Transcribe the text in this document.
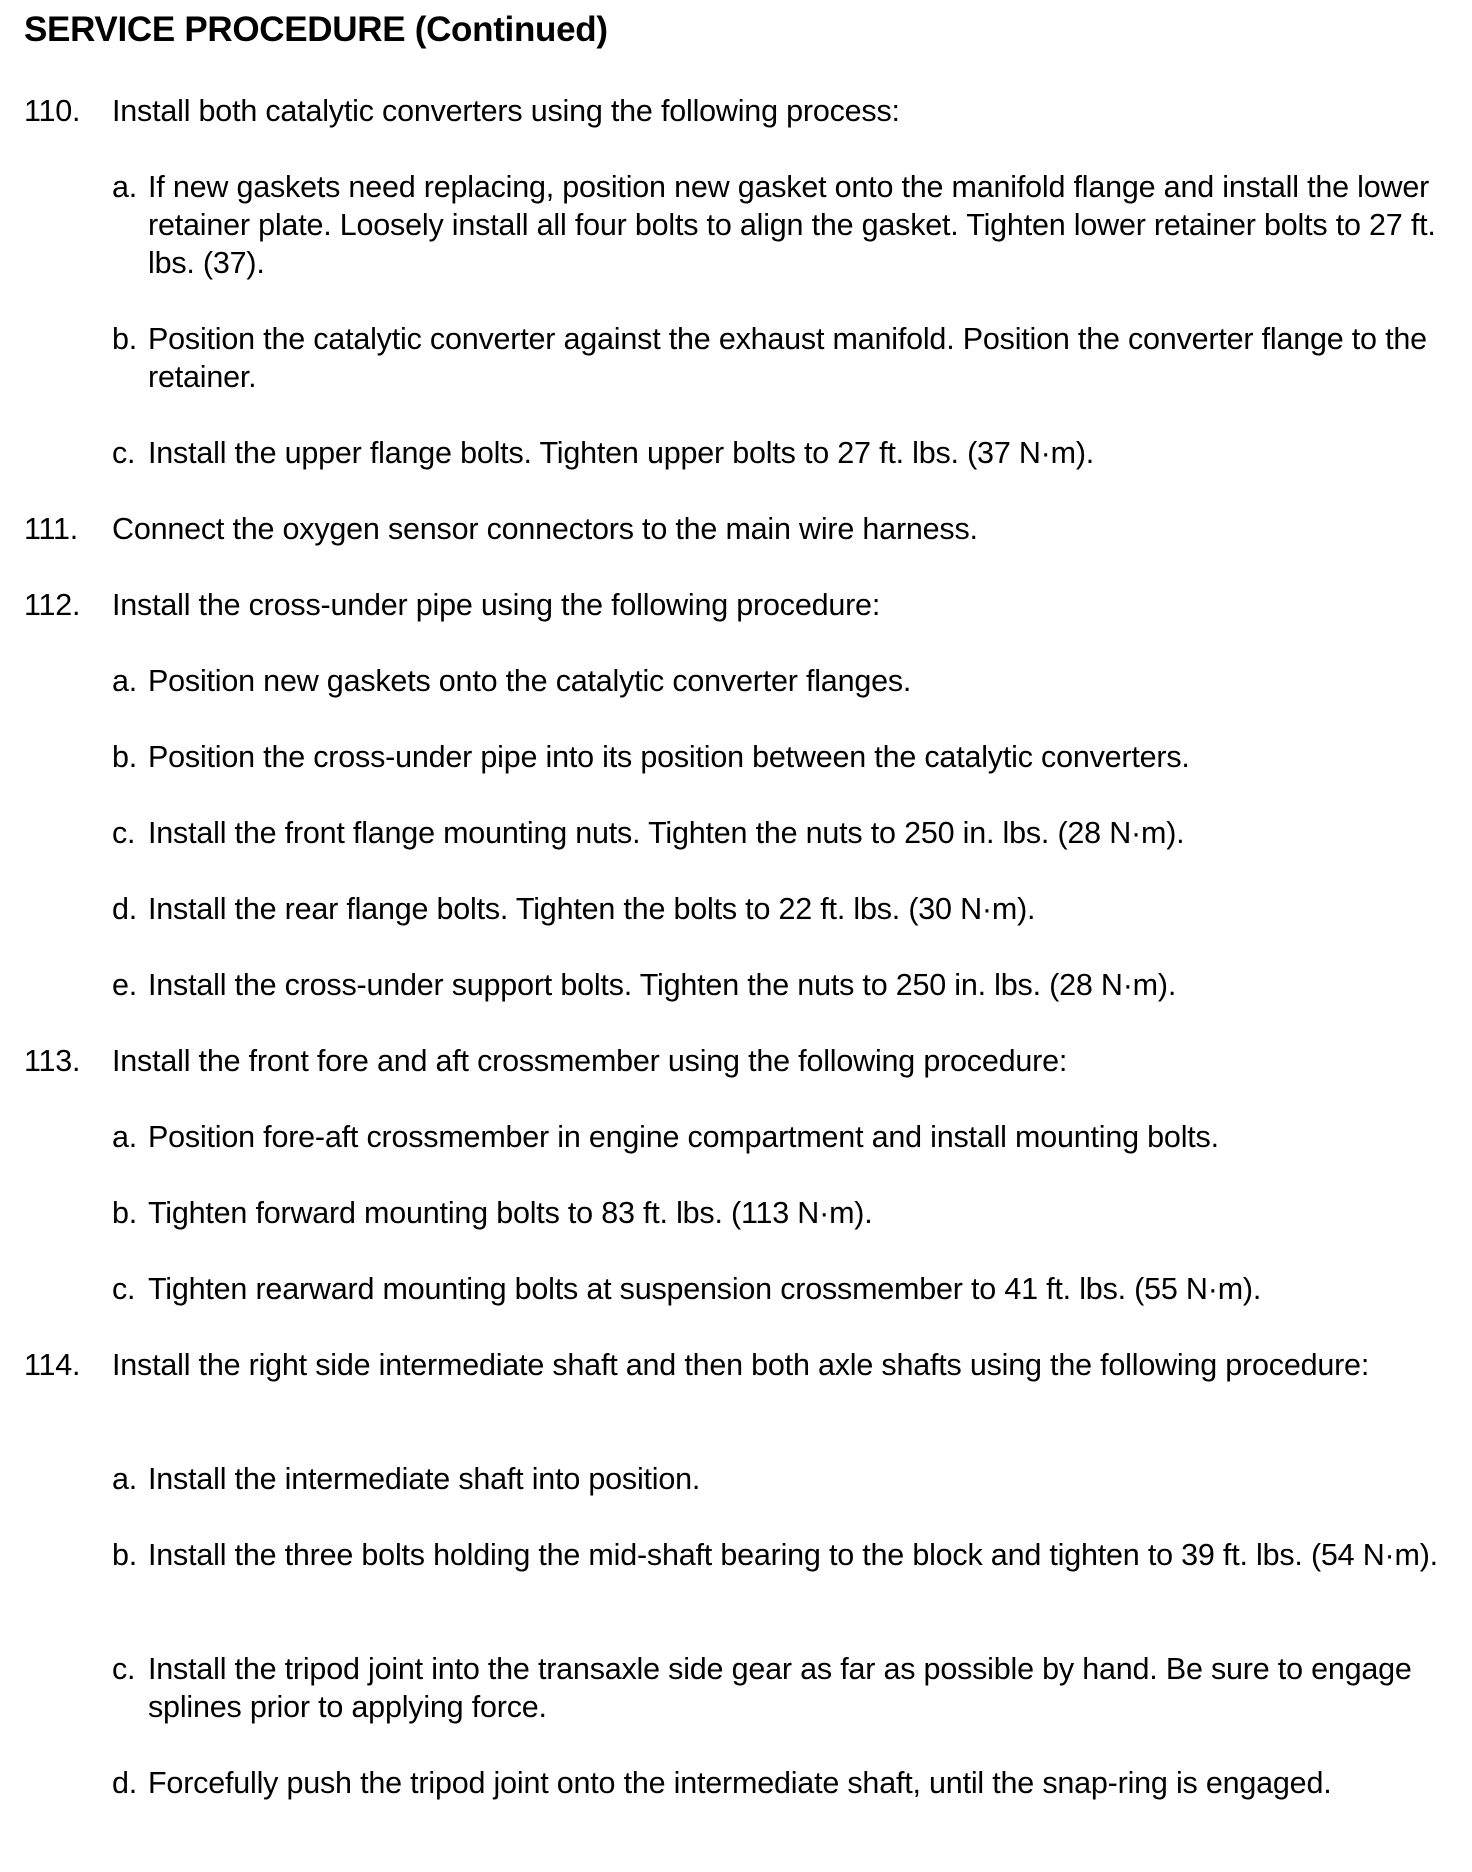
SERVICE PROCEDURE (Continued)
110. Install both catalytic converters using the following process:
a. If new gaskets need replacing, position new gasket onto the manifold flange and install the lower retainer plate. Loosely install all four bolts to align the gasket. Tighten lower retainer bolts to 27 ft. lbs. (37).
b. Position the catalytic converter against the exhaust manifold. Position the converter flange to the retainer.
c. Install the upper flange bolts. Tighten upper bolts to 27 ft. lbs. (37 N·m).
111. Connect the oxygen sensor connectors to the main wire harness.
112. Install the cross-under pipe using the following procedure:
a. Position new gaskets onto the catalytic converter flanges.
b. Position the cross-under pipe into its position between the catalytic converters.
c. Install the front flange mounting nuts. Tighten the nuts to 250 in. lbs. (28 N·m).
d. Install the rear flange bolts. Tighten the bolts to 22 ft. lbs. (30 N·m).
e. Install the cross-under support bolts. Tighten the nuts to 250 in. lbs. (28 N·m).
113. Install the front fore and aft crossmember using the following procedure:
a. Position fore-aft crossmember in engine compartment and install mounting bolts.
b. Tighten forward mounting bolts to 83 ft. lbs. (113 N·m).
c. Tighten rearward mounting bolts at suspension crossmember to 41 ft. lbs. (55 N·m).
114. Install the right side intermediate shaft and then both axle shafts using the following procedure:
a. Install the intermediate shaft into position.
b. Install the three bolts holding the mid-shaft bearing to the block and tighten to 39 ft. lbs. (54 N·m).
c. Install the tripod joint into the transaxle side gear as far as possible by hand. Be sure to engage splines prior to applying force.
d. Forcefully push the tripod joint onto the intermediate shaft, until the snap-ring is engaged.
